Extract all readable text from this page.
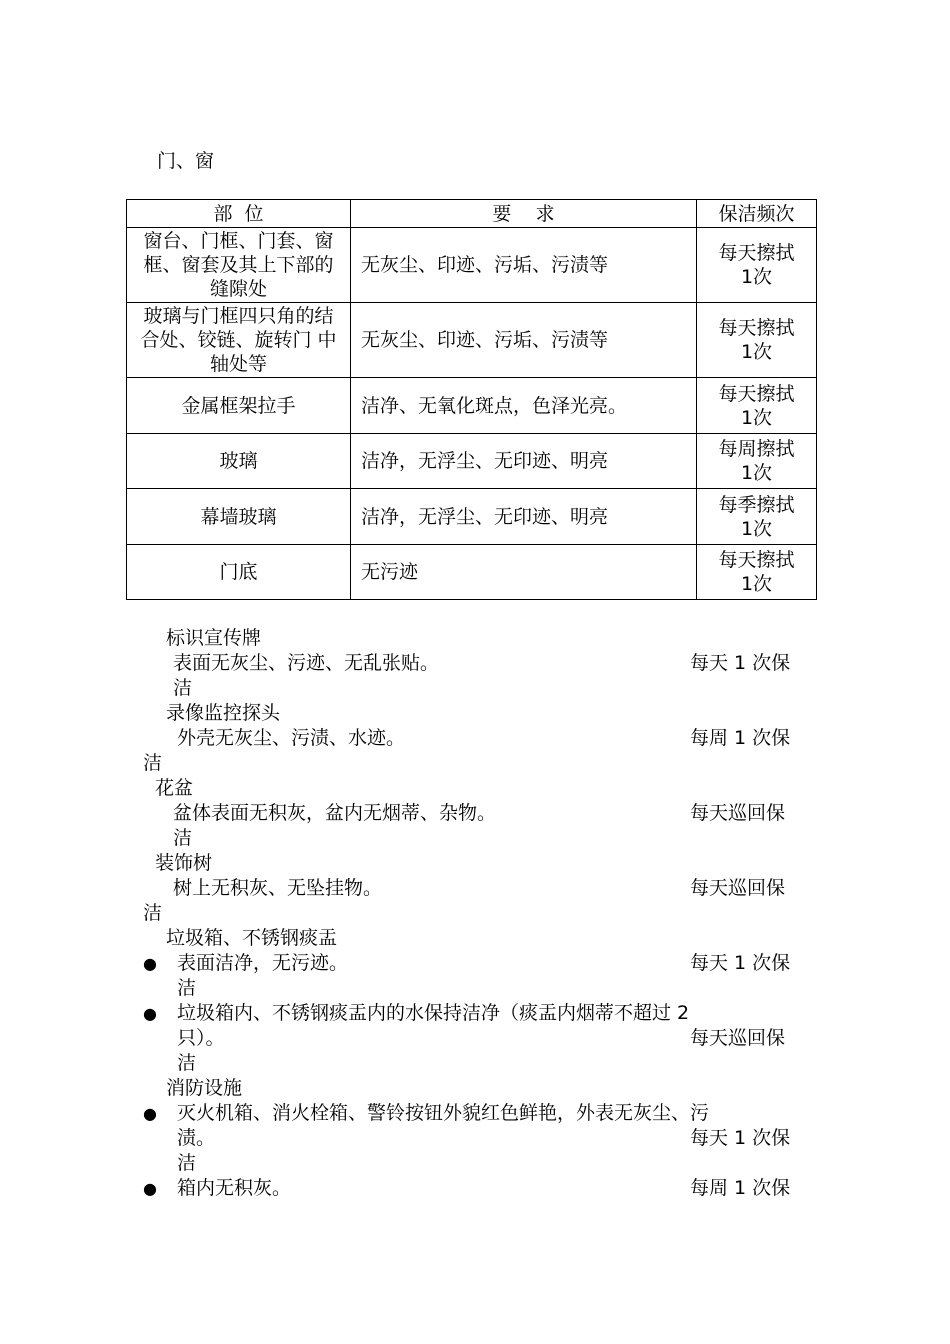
门、窗
部  位	要    求	保洁频次
窗台、门框、门套、窗框、窗套及其上下部的缝隙处	无灰尘、印迹、污垢、污渍等	每天擦拭
1次

玻璃与门框四只角的结合处、铰链、旋转门 中轴处等	无灰尘、印迹、污垢、污渍等	每天擦拭
1次

金属框架拉手	洁净、无氧化斑点，色泽光亮。	每天擦拭
1次

玻璃	洁净，无浮尘、无印迹、明亮	每周擦拭
1次

幕墙玻璃	洁净，无浮尘、无印迹、明亮	每季擦拭
1次

门底	无污迹	每天擦拭
1次
标识宣传牌
表面无灰尘、污迹、无乱张贴。	每天 1 次保
洁
录像监控探头
外壳无灰尘、污渍、水迹。	每周 1 次保
洁
花盆
盆体表面无积灰，盆内无烟蒂、杂物。	每天巡回保
洁
装饰树
树上无积灰、无坠挂物。	每天巡回保
洁
垃圾箱、不锈钢痰盂
● 表面洁净，无污迹。	每天 1 次保
洁
● 垃圾箱内、不锈钢痰盂内的水保持洁净（痰盂内烟蒂不超过 2
只）。	每天巡回保
洁
消防设施
● 灭火机箱、消火栓箱、警铃按钮外貌红色鲜艳，外表无灰尘、污
渍。	每天 1 次保
洁
● 箱内无积灰。	每周 1 次保
